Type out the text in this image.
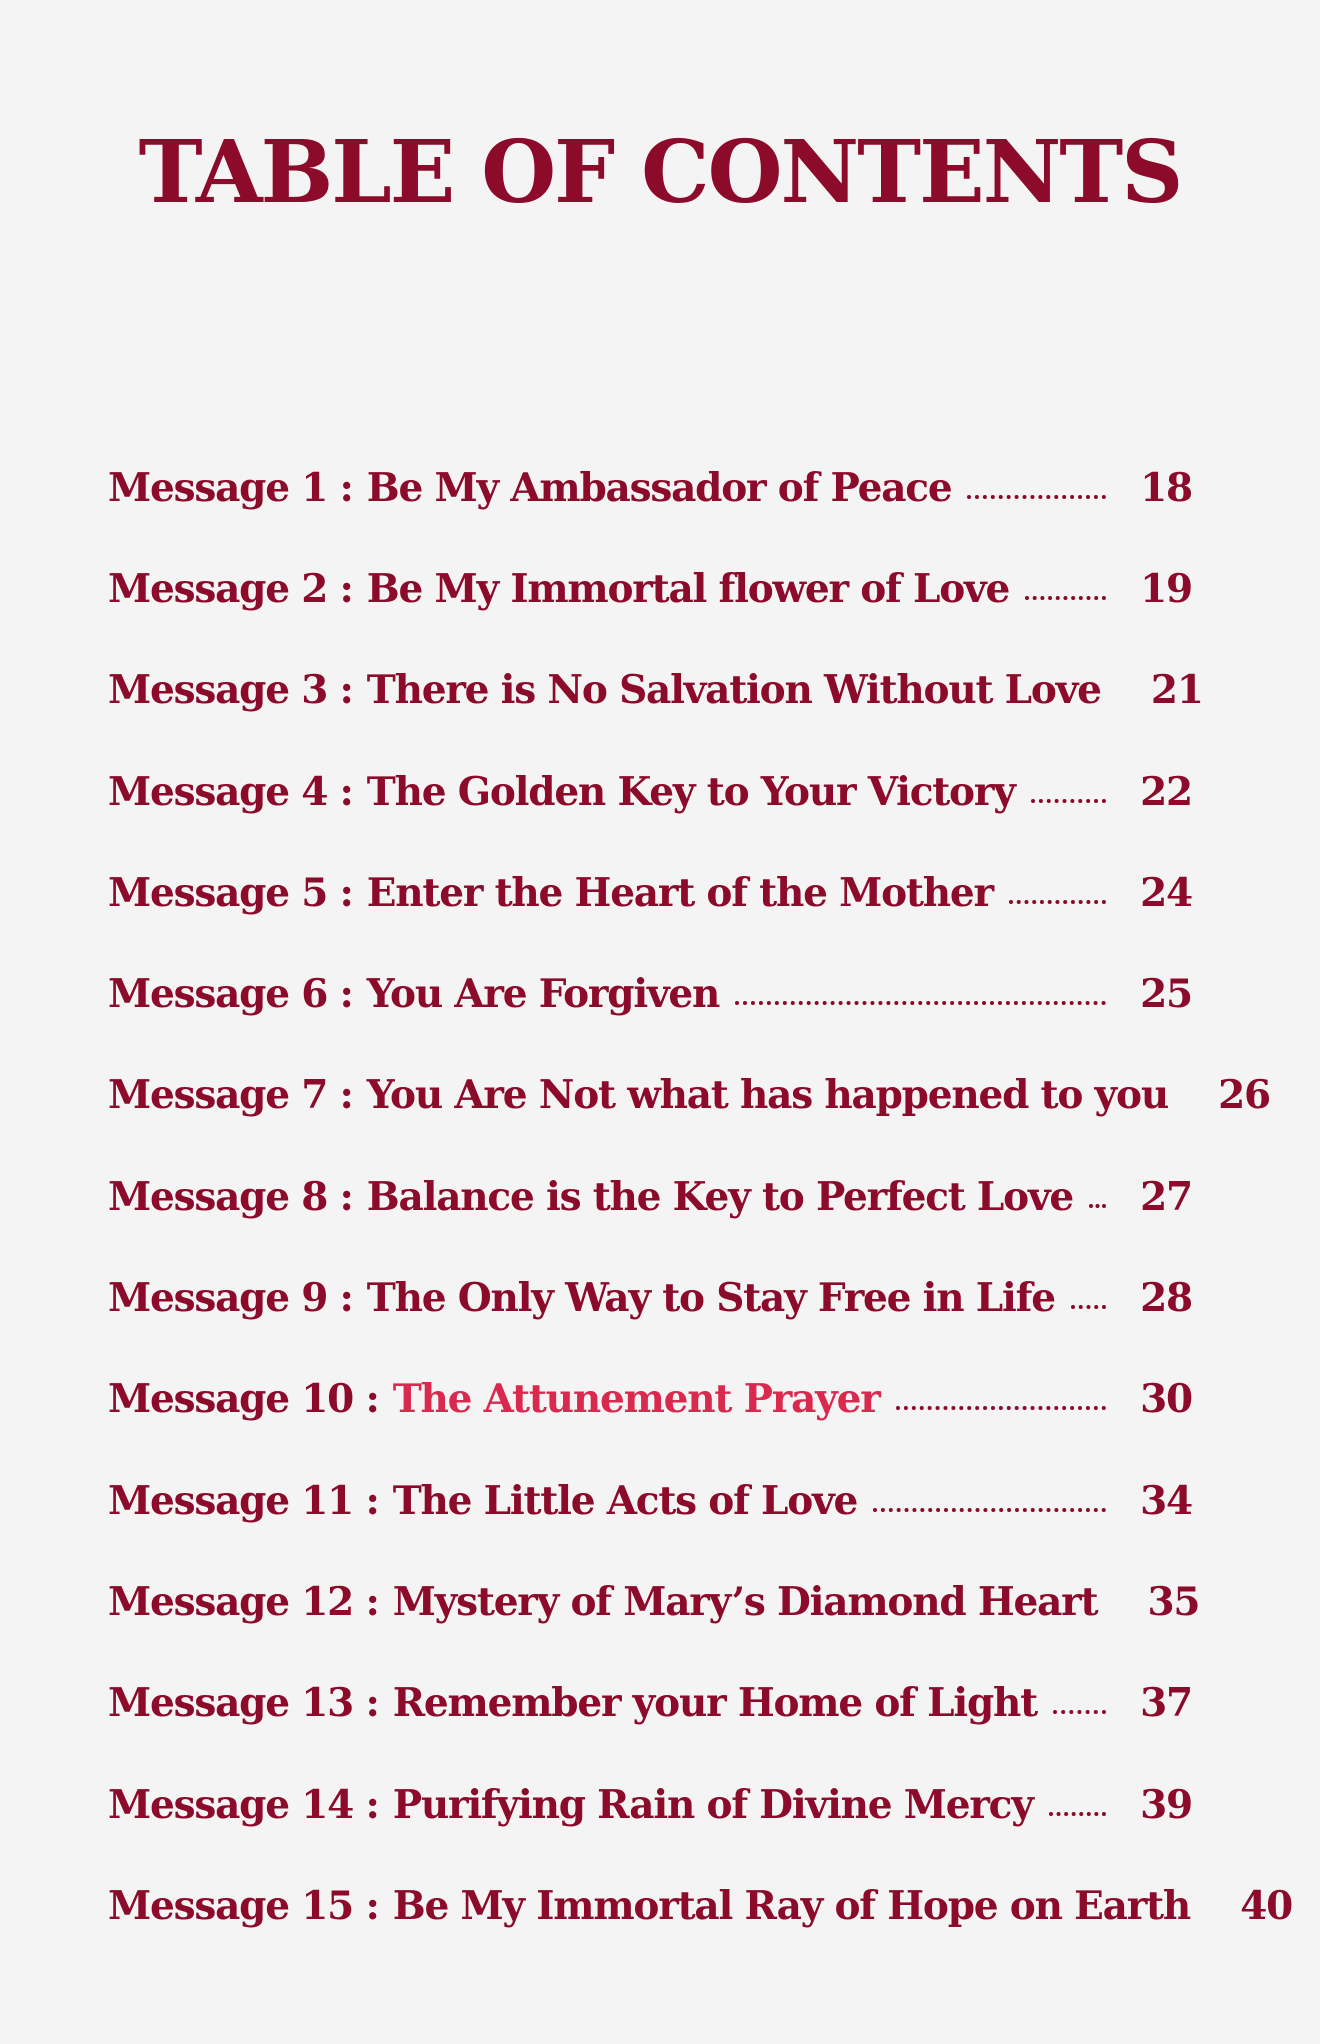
TABLE OF CONTENTS
Message 1 : Be My Ambassador of Peace	18
Message 2 : Be My Immortal flower of Love	19
Message 3 : There is No Salvation Without Love	21
Message 4 : The Golden Key to Your Victory	22
Message 5 : Enter the Heart of the Mother	24
Message 6 : You Are Forgiven	25
Message 7 : You Are Not what has happened to you	26
Message 8 : Balance is the Key to Perfect Love	27
Message 9 : The Only Way to Stay Free in Life	28
Message 10 : The Attunement Prayer	30
Message 11 : The Little Acts of Love	34
Message 12 : Mystery of Mary’s Diamond Heart	35
Message 13 : Remember your Home of Light	37
Message 14 : Purifying Rain of Divine Mercy	39
Message 15 : Be My Immortal Ray of Hope on Earth	40
